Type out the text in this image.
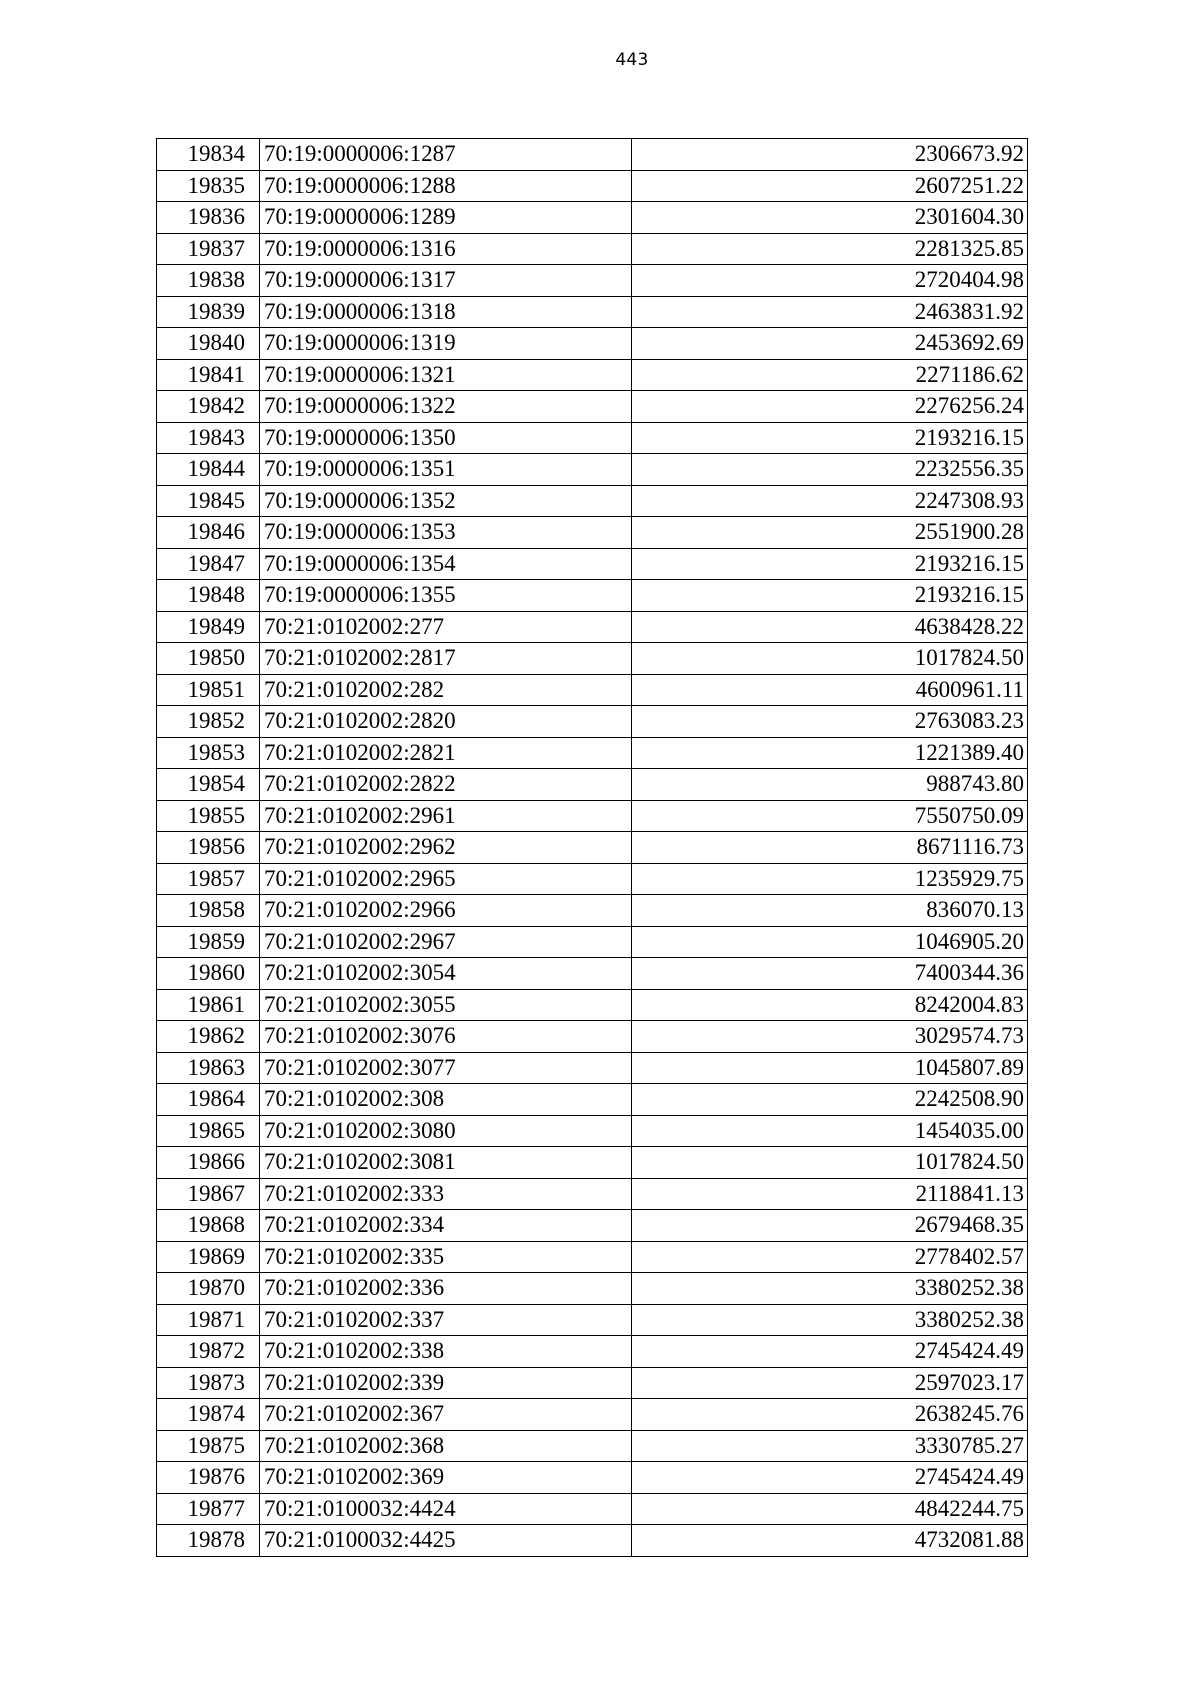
443
19834	70:19:0000006:1287	2306673.92
19835	70:19:0000006:1288	2607251.22
19836	70:19:0000006:1289	2301604.30
19837	70:19:0000006:1316	2281325.85
19838	70:19:0000006:1317	2720404.98
19839	70:19:0000006:1318	2463831.92
19840	70:19:0000006:1319	2453692.69
19841	70:19:0000006:1321	2271186.62
19842	70:19:0000006:1322	2276256.24
19843	70:19:0000006:1350	2193216.15
19844	70:19:0000006:1351	2232556.35
19845	70:19:0000006:1352	2247308.93
19846	70:19:0000006:1353	2551900.28
19847	70:19:0000006:1354	2193216.15
19848	70:19:0000006:1355	2193216.15
19849	70:21:0102002:277	4638428.22
19850	70:21:0102002:2817	1017824.50
19851	70:21:0102002:282	4600961.11
19852	70:21:0102002:2820	2763083.23
19853	70:21:0102002:2821	1221389.40
19854	70:21:0102002:2822	988743.80
19855	70:21:0102002:2961	7550750.09
19856	70:21:0102002:2962	8671116.73
19857	70:21:0102002:2965	1235929.75
19858	70:21:0102002:2966	836070.13
19859	70:21:0102002:2967	1046905.20
19860	70:21:0102002:3054	7400344.36
19861	70:21:0102002:3055	8242004.83
19862	70:21:0102002:3076	3029574.73
19863	70:21:0102002:3077	1045807.89
19864	70:21:0102002:308	2242508.90
19865	70:21:0102002:3080	1454035.00
19866	70:21:0102002:3081	1017824.50
19867	70:21:0102002:333	2118841.13
19868	70:21:0102002:334	2679468.35
19869	70:21:0102002:335	2778402.57
19870	70:21:0102002:336	3380252.38
19871	70:21:0102002:337	3380252.38
19872	70:21:0102002:338	2745424.49
19873	70:21:0102002:339	2597023.17
19874	70:21:0102002:367	2638245.76
19875	70:21:0102002:368	3330785.27
19876	70:21:0102002:369	2745424.49
19877	70:21:0100032:4424	4842244.75
19878	70:21:0100032:4425	4732081.88
